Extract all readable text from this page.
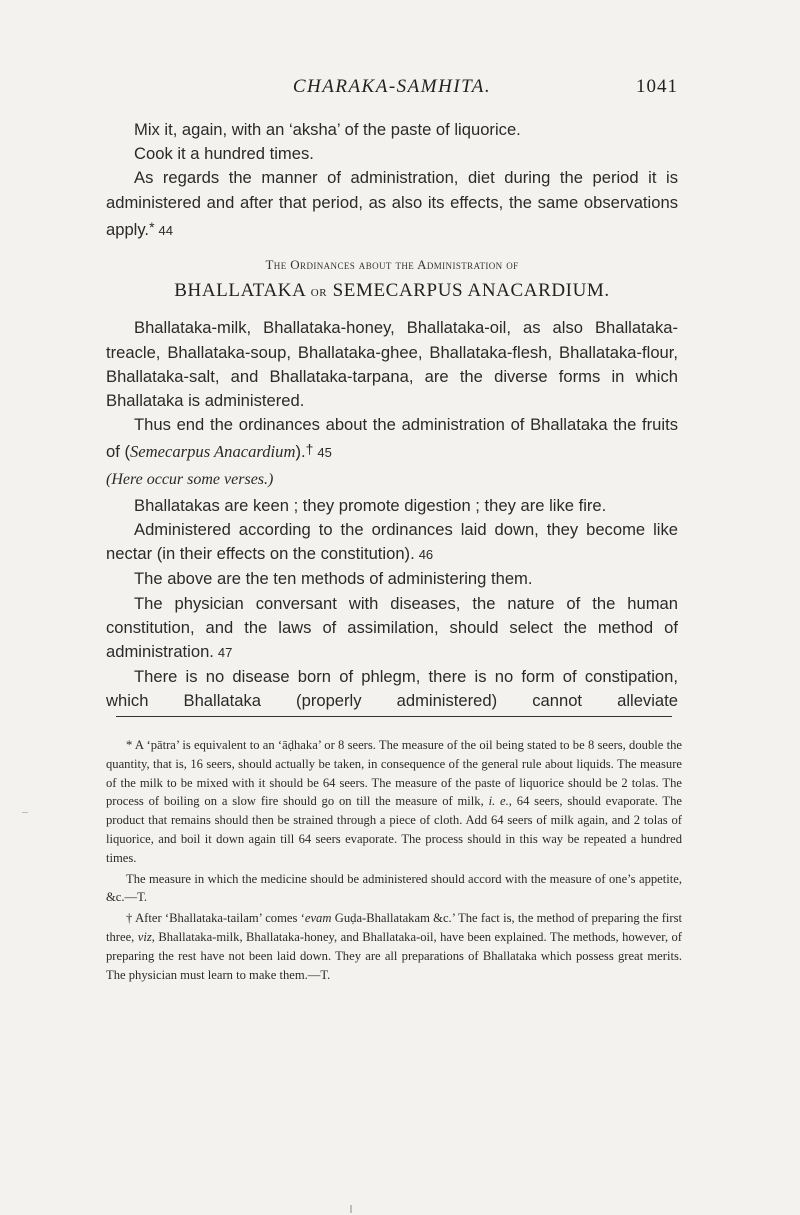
CHARAKA-SAMHITA.	1041

Mix it, again, with an ‘aksha’ of the paste of liquorice.

Cook it a hundred times.

As regards the manner of administration, diet during the period it is administered and after that period, as also its effects, the same observations apply.* 44

The Ordinances about the Administration of
BHALLATAKA or SEMECARPUS ANACARDIUM.

Bhallataka-milk, Bhallataka-honey, Bhallataka-oil, as also Bhallataka-treacle, Bhallataka-soup, Bhallataka-ghee, Bhallataka-flesh, Bhallataka-flour, Bhallataka-salt, and Bhallataka-tarpana, are the diverse forms in which Bhallataka is administered.

Thus end the ordinances about the administration of Bhallataka the fruits of (Semecarpus Anacardium).† 45

(Here occur some verses.)

Bhallatakas are keen ; they promote digestion ; they are like fire.

Administered according to the ordinances laid down, they become like nectar (in their effects on the constitution). 46

The above are the ten methods of administering them.

The physician conversant with diseases, the nature of the human constitution, and the laws of assimilation, should select the method of administration. 47

There is no disease born of phlegm, there is no form of constipation, which Bhallataka (properly administered) cannot alleviate

* A ‘pātra’ is equivalent to an ‘āḍhaka’ or 8 seers. The measure of the oil being stated to be 8 seers, double the quantity, that is, 16 seers, should actually be taken, in consequence of the general rule about liquids. The measure of the milk to be mixed with it should be 64 seers. The measure of the paste of liquorice should be 2 tolas. The process of boiling on a slow fire should go on till the measure of milk, i. e., 64 seers, should evaporate. The product that remains should then be strained through a piece of cloth. Add 64 seers of milk again, and 2 tolas of liquorice, and boil it down again till 64 seers evaporate. The process should in this way be repeated a hundred times.

The measure in which the medicine should be administered should accord with the measure of one’s appetite, &c.—T.

† After ‘Bhallataka-tailam’ comes ‘evam Guḍa-Bhallatakam &c.’ The fact is, the method of preparing the first three, viz, Bhallataka-milk, Bhallataka-honey, and Bhallataka-oil, have been explained. The methods, however, of preparing the rest have not been laid down. They are all preparations of Bhallataka which possess great merits. The physician must learn to make them.—T.
